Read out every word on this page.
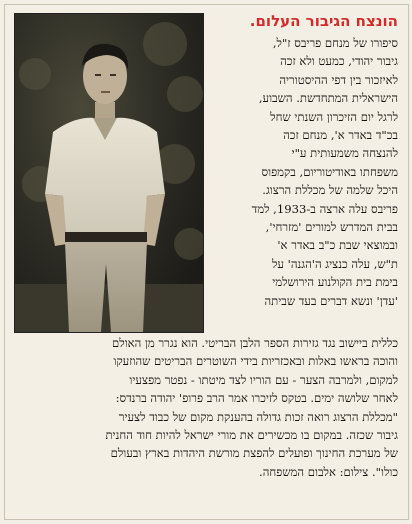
הונצח הגיבור העלום.
סיפורו של מנחם פריבס ז"ל,
גיבור יהודי, כמעט ולא זכה
לאיזכור בין דפי ההיסטוריה
הישראלית המתחדשת. השבוע,
לרגל יום הזיכרון השנתי שחל
בכ"ד באדר א', מנחם זכה
להנצחה משמעותית ע"י
משפחתו באודיטוריום, בקמפוס
היכל שלמה של מכללת הרצוג.
פריבס עלה ארצה ב-1933, למד
בבית המדרש למורים 'מזרחי',
ובמוצאי שבת כ"ב באדר א'
ת"ש, עלה כנציג ה'הגנה' על
בימת בית הקולנוע הירושלמי
'עדן' ונשא דברים בעד שביתה
כללית ביישוב נגד גזירות הספר הלבן הבריטי. הוא נגרר מן האולם
והוכה בראשו באלות ובאכזריות בידי השוטרים הבריטים שהוזעקו
למקום, ולמרבה הצער - עם הוריו לצד מיטתו - נפטר מפצעיו
לאחר שלושה ימים. בטקס לזיכרו אמר הרב פרופ' יהודה ברנדס:
"מכללת הרצוג רואה זכות גדולה בהענקת מקום של כבוד לצעיר
גיבור שכזה. במקום בו מכשירים את מורי ישראל להיות חוד החנית
של מערכת החינוך ופועלים להפצת מורשת היהדות בארץ ובעולם
כולו". צילום: אלבום המשפחה.
